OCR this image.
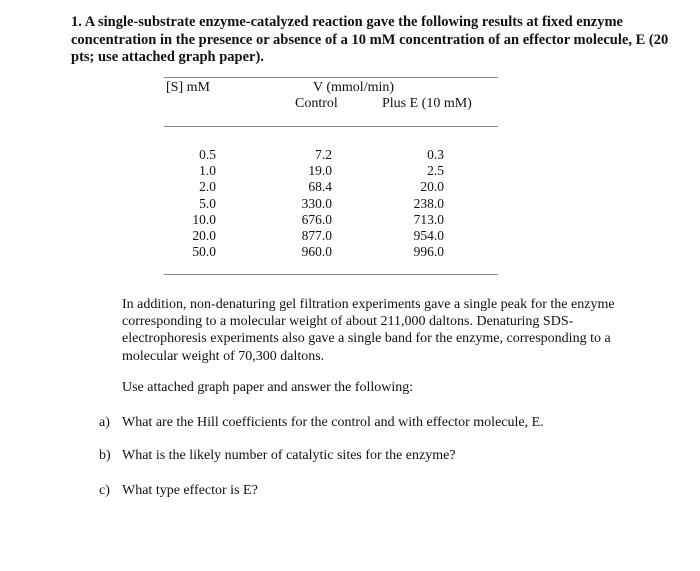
1. A single-substrate enzyme-catalyzed reaction gave the following results at fixed enzyme concentration in the presence or absence of a 10 mM concentration of an effector molecule, E (20 pts; use attached graph paper).

[S] mM	V (mmol/min)
Control	Plus E (10 mM)
0.5
1.0
2.0
5.0
10.0
20.0
50.0
7.2
19.0
68.4
330.0
676.0
877.0
960.0
0.3
2.5
20.0
238.0
713.0
954.0
996.0

In addition, non-denaturing gel filtration experiments gave a single peak for the enzyme corresponding to a molecular weight of about 211,000 daltons. Denaturing SDS-electrophoresis experiments also gave a single band for the enzyme, corresponding to a molecular weight of 70,300 daltons.

Use attached graph paper and answer the following:

a) What are the Hill coefficients for the control and with effector molecule, E.
b) What is the likely number of catalytic sites for the enzyme?
c) What type effector is E?
